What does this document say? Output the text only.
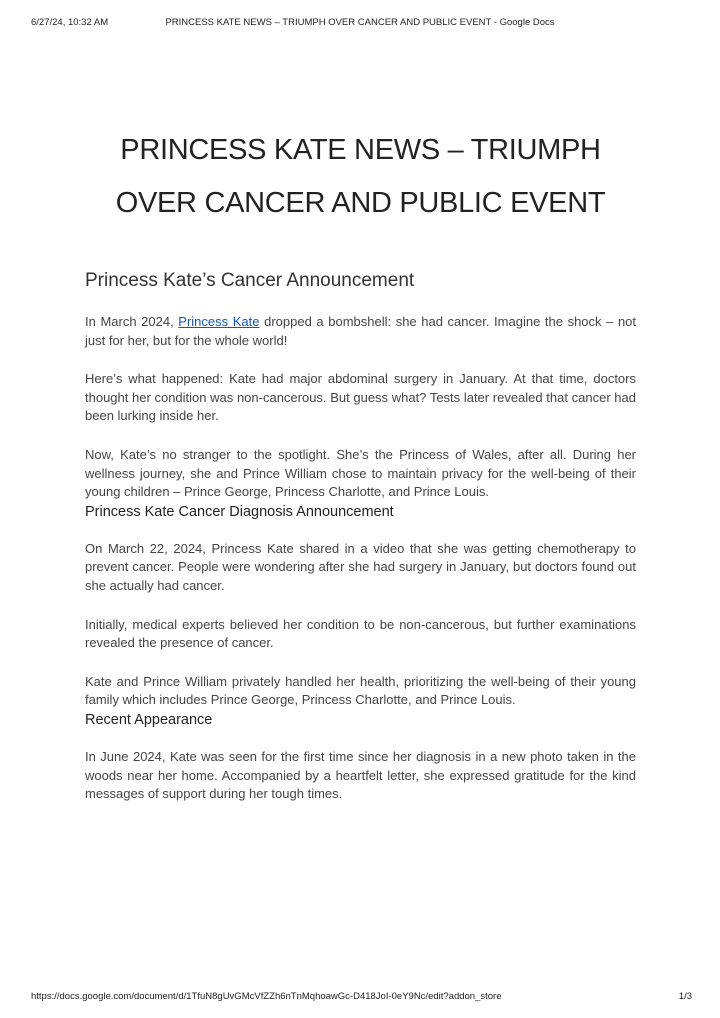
6/27/24, 10:32 AM	PRINCESS KATE NEWS – TRIUMPH OVER CANCER AND PUBLIC EVENT - Google Docs
PRINCESS KATE NEWS – TRIUMPH
OVER CANCER AND PUBLIC EVENT
Princess Kate’s Cancer Announcement

In March 2024, Princess Kate dropped a bombshell: she had cancer. Imagine the shock – not just for her, but for the whole world!

Here’s what happened: Kate had major abdominal surgery in January. At that time, doctors thought her condition was non-cancerous. But guess what? Tests later revealed that cancer had been lurking inside her.

Now, Kate’s no stranger to the spotlight. She’s the Princess of Wales, after all. During her wellness journey, she and Prince William chose to maintain privacy for the well-being of their young children – Prince George, Princess Charlotte, and Prince Louis.

Princess Kate Cancer Diagnosis Announcement

On March 22, 2024, Princess Kate shared in a video that she was getting chemotherapy to prevent cancer. People were wondering after she had surgery in January, but doctors found out she actually had cancer.

Initially, medical experts believed her condition to be non-cancerous, but further examinations revealed the presence of cancer.

Kate and Prince William privately handled her health, prioritizing the well-being of their young family which includes Prince George, Princess Charlotte, and Prince Louis.

Recent Appearance

In June 2024, Kate was seen for the first time since her diagnosis in a new photo taken in the woods near her home. Accompanied by a heartfelt letter, she expressed gratitude for the kind messages of support during her tough times.

https://docs.google.com/document/d/1TfuN8gUvGMcVfZZh6nTnMqhoawGc-D418JoI-0eY9Nc/edit?addon_store	1/3
